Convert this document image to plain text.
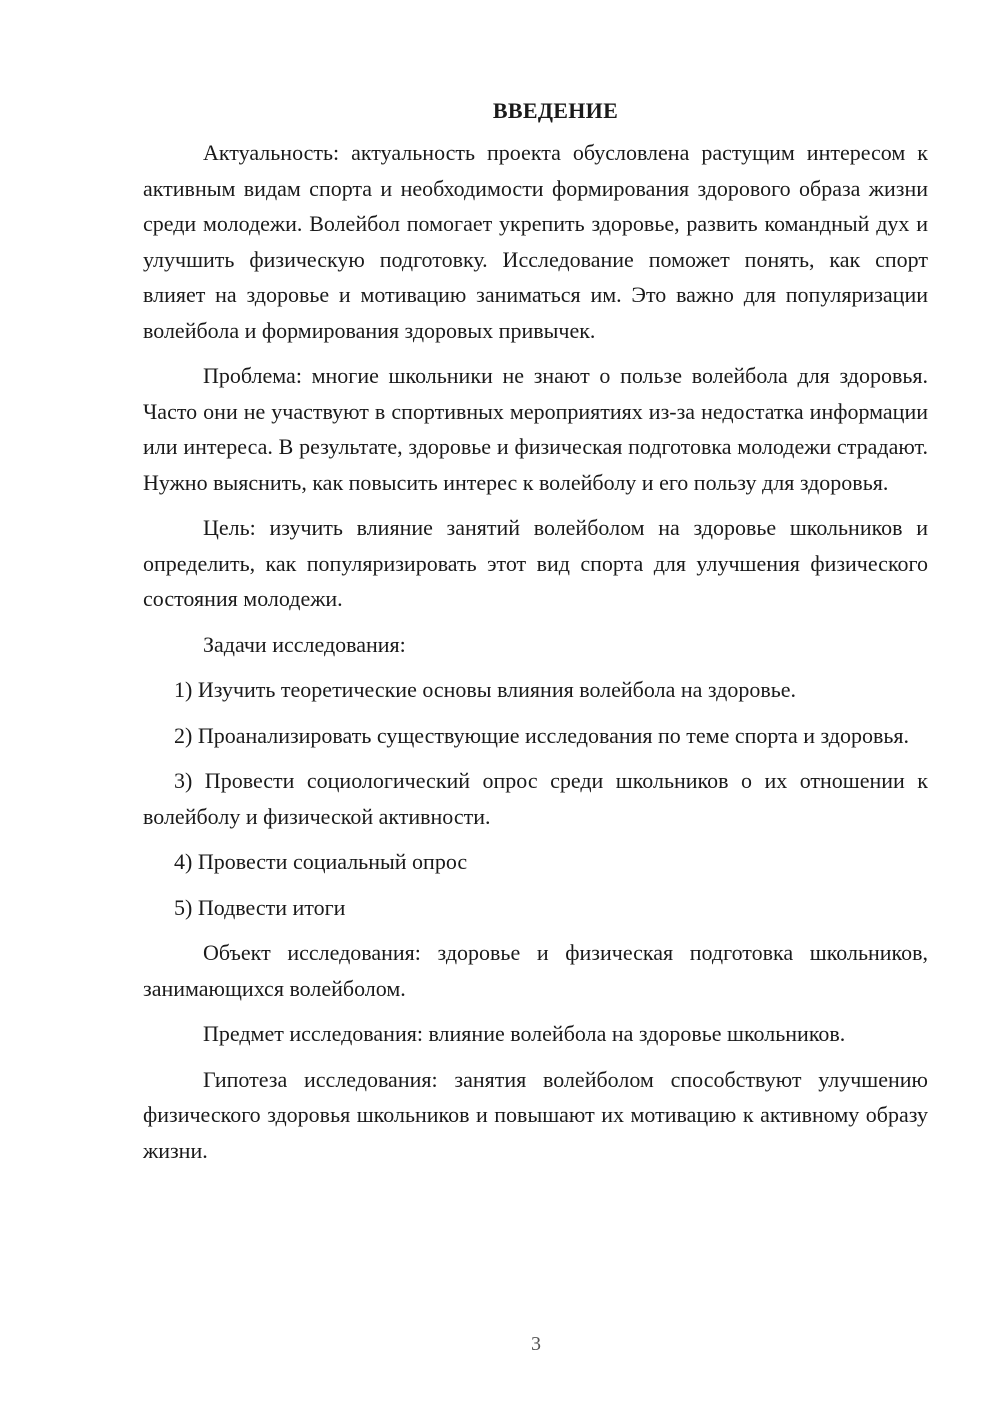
ВВЕДЕНИЕ

Актуальность: актуальность проекта обусловлена растущим интересом к активным видам спорта и необходимости формирования здорового образа жизни среди молодежи. Волейбол помогает укрепить здоровье, развить командный дух и улучшить физическую подготовку. Исследование поможет понять, как спорт влияет на здоровье и мотивацию заниматься им. Это важно для популяризации волейбола и формирования здоровых привычек.

Проблема: многие школьники не знают о пользе волейбола для здоровья. Часто они не участвуют в спортивных мероприятиях из-за недостатка информации или интереса. В результате, здоровье и физическая подготовка молодежи страдают. Нужно выяснить, как повысить интерес к волейболу и его пользу для здоровья.

Цель: изучить влияние занятий волейболом на здоровье школьников и определить, как популяризировать этот вид спорта для улучшения физического состояния молодежи.

Задачи исследования:

1) Изучить теоретические основы влияния волейбола на здоровье.

2) Проанализировать существующие исследования по теме спорта и здоровья.

3) Провести социологический опрос среди школьников о их отношении к волейболу и физической активности.

4) Провести социальный опрос

5) Подвести итоги

Объект исследования: здоровье и физическая подготовка школьников, занимающихся волейболом.

Предмет исследования: влияние волейбола на здоровье школьников.

Гипотеза исследования: занятия волейболом способствуют улучшению физического здоровья школьников и повышают их мотивацию к активному образу жизни.

3
